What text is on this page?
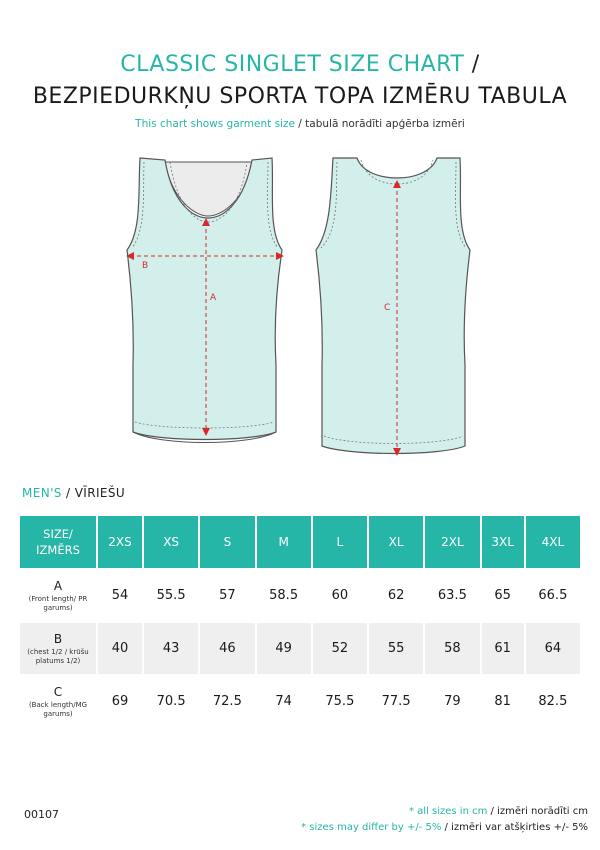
CLASSIC SINGLET SIZE CHART /
BEZPIEDURKŅU SPORTA TOPA IZMĒRU TABULA
This chart shows garment size / tabulā norādīti apģērba izmēri
A
B
C
MEN'S / VĪRIEŠU
SIZE/
IZMĒRS	2XS	XS	S	M	L	XL	2XL	3XL	4XL

A
(Front length/ PR garums)	54	55.5	57	58.5	60	62	63.5	65	66.5

B
(chest 1/2 / krūšu platums 1/2)	40	43	46	49	52	55	58	61	64

C
(Back length/MG garums)	69	70.5	72.5	74	75.5	77.5	79	81	82.5
00107	* all sizes in cm / izmēri norādīti cm
* sizes may differ by +/- 5% / izmēri var atšķirties +/- 5%
